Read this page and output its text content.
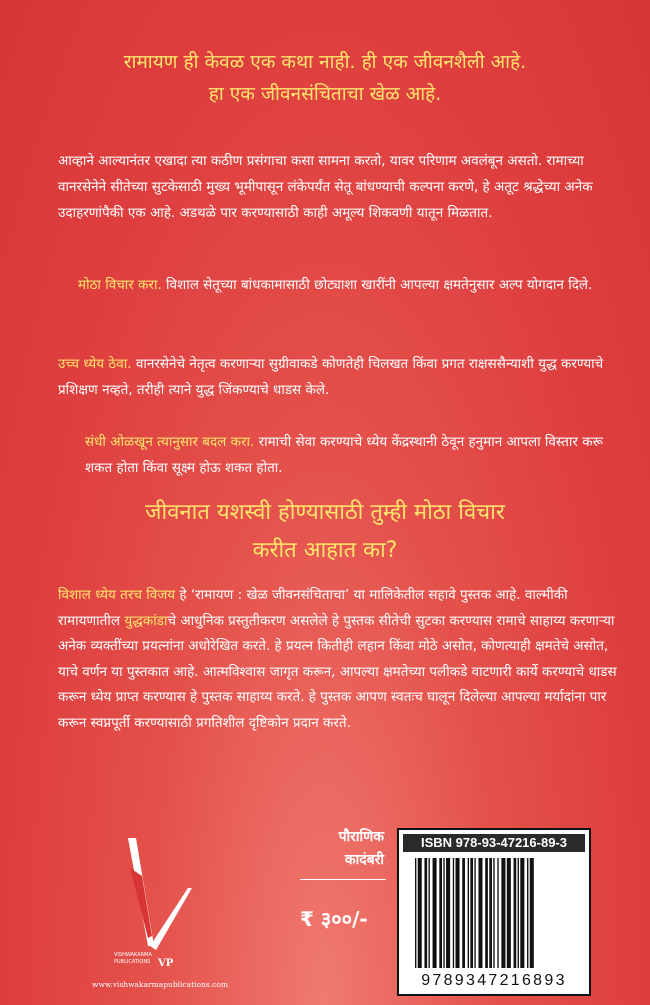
रामायण ही केवळ एक कथा नाही. ही एक जीवनशैली आहे.
हा एक जीवनसंचिताचा खेळ आहे.
आव्हाने आल्यानंतर एखादा त्या कठीण प्रसंगाचा कसा सामना करतो, यावर परिणाम अवलंबून असतो. रामाच्या वानरसेनेने सीतेच्या सुटकेसाठी मुख्य भूमीपासून लंकेपर्यंत सेतू बांधण्याची कल्पना करणे, हे अतूट श्रद्धेच्या अनेक उदाहरणांपैकी एक आहे. अडथळे पार करण्यासाठी काही अमूल्य शिकवणी यातून मिळतात.
मोठा विचार करा. विशाल सेतूच्या बांधकामासाठी छोट्याशा खारींनी आपल्या क्षमतेनुसार अल्प योगदान दिले.
उच्च ध्येय ठेवा. वानरसेनेचे नेतृत्व करणाऱ्या सुग्रीवाकडे कोणतेही चिलखत किंवा प्रगत राक्षससैन्याशी युद्ध करण्याचे प्रशिक्षण नव्हते, तरीही त्याने युद्ध जिंकण्याचे धाडस केले.
संधी ओळखून त्यानुसार बदल करा. रामाची सेवा करण्याचे ध्येय केंद्रस्थानी ठेवून हनुमान आपला विस्तार करू शकत होता किंवा सूक्ष्म होऊ शकत होता.
जीवनात यशस्वी होण्यासाठी तुम्ही मोठा विचार
करीत आहात का?
विशाल ध्येय तरच विजय हे ‘रामायण : खेळ जीवनसंचिताचा’ या मालिकेतील सहावे पुस्तक आहे. वाल्मीकी रामायणातील युद्धकांडाचे आधुनिक प्रस्तुतीकरण असलेले हे पुस्तक सीतेची सुटका करण्यास रामाचे साहाय्य करणाऱ्या अनेक व्यक्तींच्या प्रयत्नांना अधोरेखित करते. हे प्रयत्न कितीही लहान किंवा मोठे असोत, कोणत्याही क्षमतेचे असोत, याचे वर्णन या पुस्तकात आहे. आत्मविश्वास जागृत करून, आपल्या क्षमतेच्या पलीकडे वाटणारी कार्ये करण्याचे धाडस करून ध्येय प्राप्त करण्यास हे पुस्तक साहाय्य करते. हे पुस्तक आपण स्वतःच घालून दिलेल्या आपल्या मर्यादांना पार करून स्वप्नपूर्ती करण्यासाठी प्रगतिशील दृष्टिकोन प्रदान करते.
VISHWAKARMA
PUBLICATIONS VP
www.vishwakarmapublications.com
पौराणिक
कादंबरी
₹ ३००/-
ISBN 978-93-47216-89-3
9789347216893
